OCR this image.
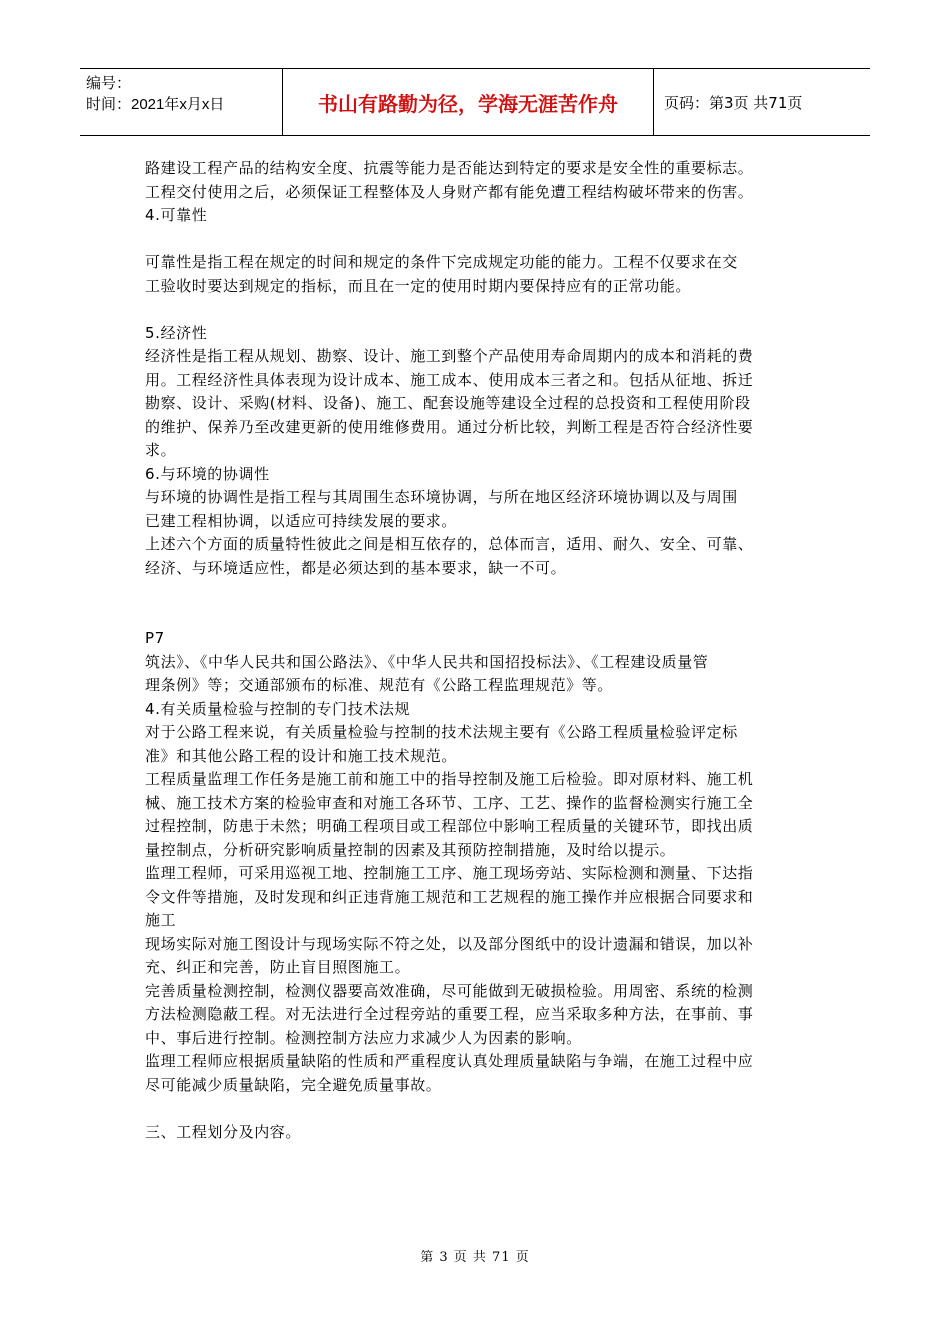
编号：
时间：2021年x月x日	书山有路勤为径，学海无涯苦作舟	页码：第3页 共71页

路建设工程产品的结构安全度、抗震等能力是否能达到特定的要求是安全性的重要标志。

工程交付使用之后，必须保证工程整体及人身财产都有能免遭工程结构破坏带来的伤害。

4.可靠性

可靠性是指工程在规定的时间和规定的条件下完成规定功能的能力。工程不仅要求在交

工验收时要达到规定的指标，而且在一定的使用时期内要保持应有的正常功能。

5.经济性

经济性是指工程从规划、勘察、设计、施工到整个产品使用寿命周期内的成本和消耗的费

用。工程经济性具体表现为设计成本、施工成本、使用成本三者之和。包括从征地、拆迁

勘察、设计、采购(材料、设备)、施工、配套设施等建设全过程的总投资和工程使用阶段

的维护、保养乃至改建更新的使用维修费用。通过分析比较，判断工程是否符合经济性要

求。

6.与环境的协调性

与环境的协调性是指工程与其周围生态环境协调，与所在地区经济环境协调以及与周围

已建工程相协调，以适应可持续发展的要求。

上述六个方面的质量特性彼此之间是相互依存的，总体而言，适用、耐久、安全、可靠、

经济、与环境适应性，都是必须达到的基本要求，缺一不可。

P7

筑法》、《中华人民共和国公路法》、《中华人民共和国招投标法》、《工程建设质量管

理条例》等；交通部颁布的标准、规范有《公路工程监理规范》等。

4.有关质量检验与控制的专门技术法规

对于公路工程来说，有关质量检验与控制的技术法规主要有《公路工程质量检验评定标

准》和其他公路工程的设计和施工技术规范。

工程质量监理工作任务是施工前和施工中的指导控制及施工后检验。即对原材料、施工机

械、施工技术方案的检验审查和对施工各环节、工序、工艺、操作的监督检测实行施工全

过程控制，防患于未然；明确工程项目或工程部位中影响工程质量的关键环节，即找出质

量控制点，分析研究影响质量控制的因素及其预防控制措施，及时给以提示。

监理工程师，可采用巡视工地、控制施工工序、施工现场旁站、实际检测和测量、下达指

令文件等措施，及时发现和纠正违背施工规范和工艺规程的施工操作并应根据合同要求和

施工

现场实际对施工图设计与现场实际不符之处，以及部分图纸中的设计遗漏和错误，加以补

充、纠正和完善，防止盲目照图施工。

完善质量检测控制，检测仪器要高效准确，尽可能做到无破损检验。用周密、系统的检测

方法检测隐蔽工程。对无法进行全过程旁站的重要工程，应当采取多种方法，在事前、事

中、事后进行控制。检测控制方法应力求减少人为因素的影响。

监理工程师应根据质量缺陷的性质和严重程度认真处理质量缺陷与争端，在施工过程中应

尽可能减少质量缺陷，完全避免质量事故。

三、工程划分及内容。

第 3 页 共 71 页
